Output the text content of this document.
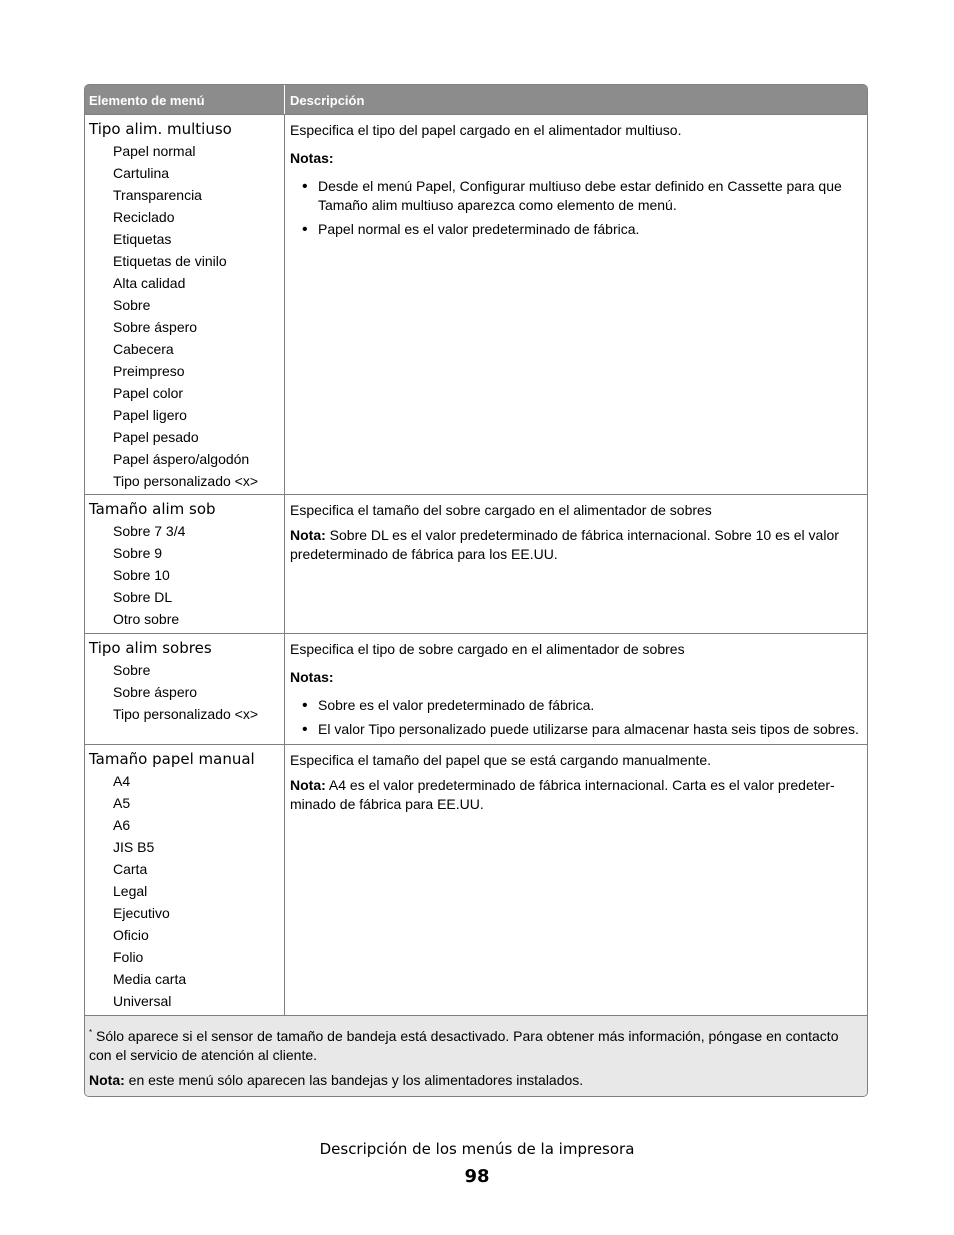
Elemento de menú	Descripción
Tipo alim. multiuso
Papel normal
Cartulina
Transparencia
Reciclado
Etiquetas
Etiquetas de vinilo
Alta calidad
Sobre
Sobre áspero
Cabecera
Preimpreso
Papel color
Papel ligero
Papel pesado
Papel áspero/algodón
Tipo personalizado <x>

Especifica el tipo del papel cargado en el alimentador multiuso.

Notas:

• Desde el menú Papel, Configurar multiuso debe estar definido en Cassette para que Tamaño alim multiuso aparezca como elemento de menú.
• Papel normal es el valor predeterminado de fábrica.
Tamaño alim sob
Sobre 7 3/4
Sobre 9
Sobre 10
Sobre DL
Otro sobre

Especifica el tamaño del sobre cargado en el alimentador de sobres

Nota: Sobre DL es el valor predeterminado de fábrica internacional. Sobre 10 es el valor predeterminado de fábrica para los EE.UU.

Tipo alim sobres
Sobre
Sobre áspero
Tipo personalizado <x>

Especifica el tipo de sobre cargado en el alimentador de sobres

Notas:

• Sobre es el valor predeterminado de fábrica.
• El valor Tipo personalizado puede utilizarse para almacenar hasta seis tipos de sobres.
Tamaño papel manual
A4
A5
A6
JIS B5
Carta
Legal
Ejecutivo
Oficio
Folio
Media carta
Universal

Especifica el tamaño del papel que se está cargando manualmente.

Nota: A4 es el valor predeterminado de fábrica internacional. Carta es el valor predeter-minado de fábrica para EE.UU.

* Sólo aparece si el sensor de tamaño de bandeja está desactivado. Para obtener más información, póngase en contacto con el servicio de atención al cliente.

Nota: en este menú sólo aparecen las bandejas y los alimentadores instalados.

Descripción de los menús de la impresora
98
